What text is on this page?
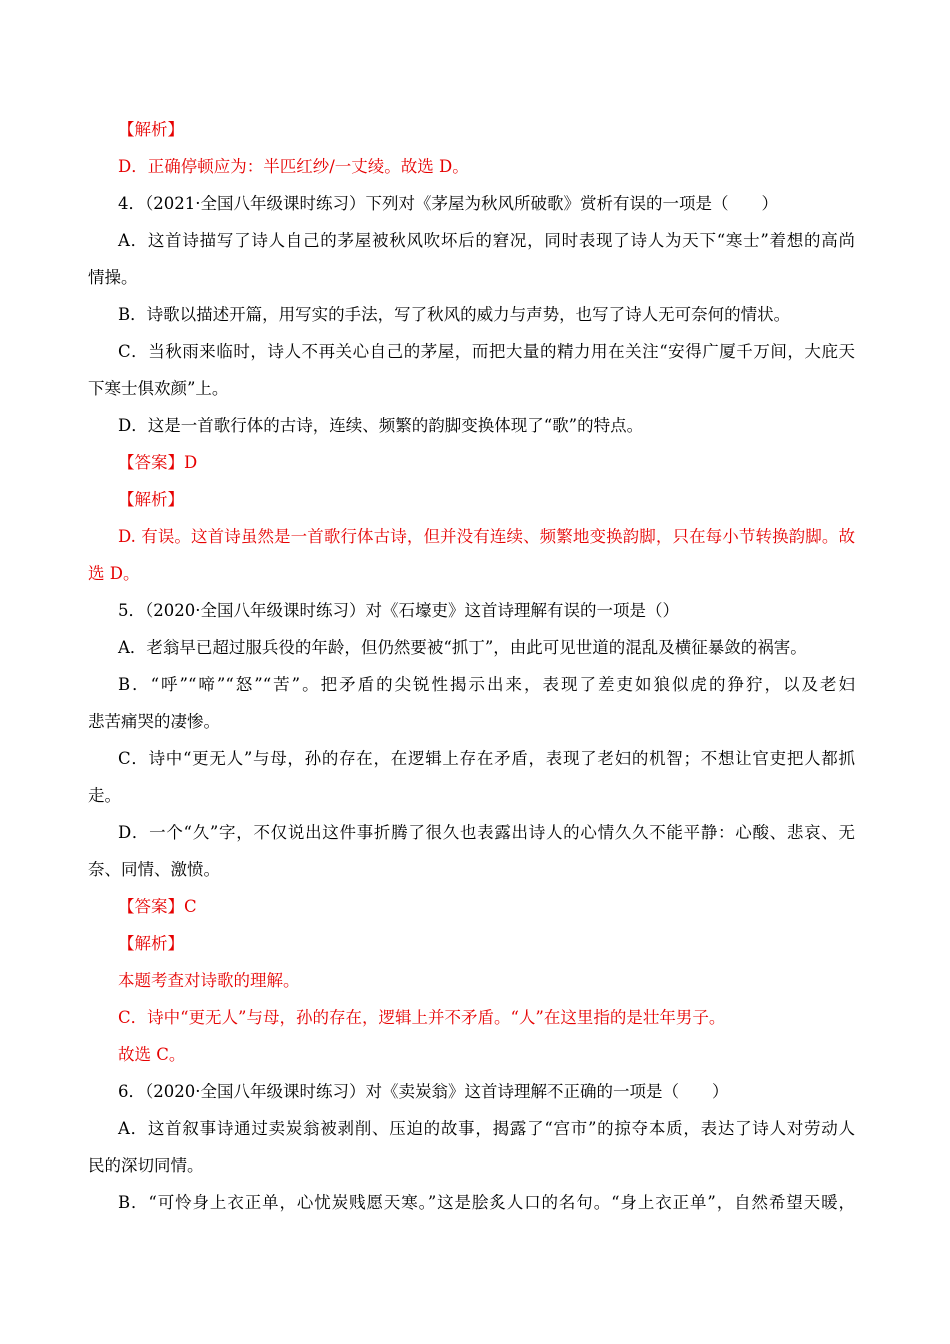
【解析】
D．正确停顿应为：半匹红纱/一丈绫。故选 D。
4．（2021·全国八年级课时练习）下列对《茅屋为秋风所破歌》赏析有误的一项是（　　）
A．这首诗描写了诗人自己的茅屋被秋风吹坏后的窘况，同时表现了诗人为天下“寒士”着想的高尚
情操。
B．诗歌以描述开篇，用写实的手法，写了秋风的威力与声势，也写了诗人无可奈何的情状。
C．当秋雨来临时，诗人不再关心自己的茅屋，而把大量的精力用在关注“安得广厦千万间，大庇天
下寒士俱欢颜”上。
D．这是一首歌行体的古诗，连续、频繁的韵脚变换体现了“歌”的特点。
【答案】D
【解析】
D. 有误。这首诗虽然是一首歌行体古诗，但并没有连续、频繁地变换韵脚，只在每小节转换韵脚。故
选 D。
5．（2020·全国八年级课时练习）对《石壕吏》这首诗理解有误的一项是（）
A．老翁早已超过服兵役的年龄，但仍然要被“抓丁”，由此可见世道的混乱及横征暴敛的祸害。
B．“呼”“啼”“怒”“苦”。把矛盾的尖锐性揭示出来，表现了差吏如狼似虎的狰狞，以及老妇
悲苦痛哭的凄惨。
C．诗中“更无人”与母，孙的存在，在逻辑上存在矛盾，表现了老妇的机智；不想让官吏把人都抓
走。
D．一个“久”字，不仅说出这件事折腾了很久也表露出诗人的心情久久不能平静：心酸、悲哀、无
奈、同情、激愤。
【答案】C
【解析】
本题考查对诗歌的理解。
C．诗中“更无人”与母，孙的存在，逻辑上并不矛盾。“人”在这里指的是壮年男子。
故选 C。
6．（2020·全国八年级课时练习）对《卖炭翁》这首诗理解不正确的一项是（　　）
A．这首叙事诗通过卖炭翁被剥削、压迫的故事，揭露了“宫市”的掠夺本质，表达了诗人对劳动人
民的深切同情。
B．“可怜身上衣正单，心忧炭贱愿天寒。”这是脍炙人口的名句。“身上衣正单”，自然希望天暖，
